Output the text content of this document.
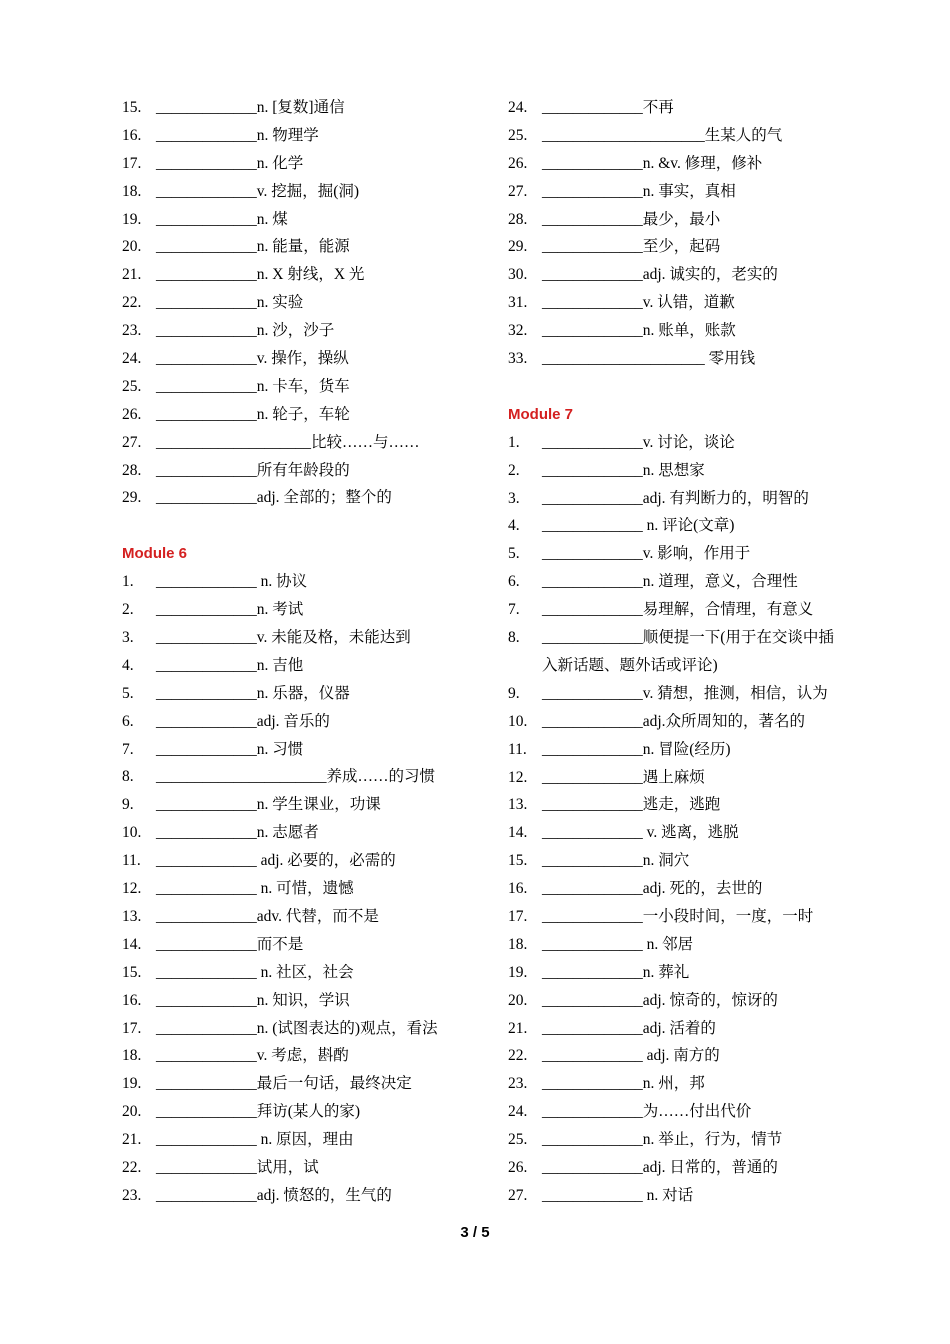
15. _____________n. [复数]通信
16. _____________n. 物理学
17. _____________n. 化学
18. _____________v. 挖掘，掘(洞)
19. _____________n. 煤
20. _____________n. 能量，能源
21. _____________n. X 射线，X 光
22. _____________n. 实验
23. _____________n. 沙，沙子
24. _____________v. 操作，操纵
25. _____________n. 卡车，货车
26. _____________n. 轮子，车轮
27. ____________________比较……与……
28. _____________所有年龄段的
29. _____________adj. 全部的；整个的
Module 6
1. _____________ n. 协议
2. _____________n. 考试
3. _____________v. 未能及格，未能达到
4. _____________n. 吉他
5. _____________n. 乐器，仪器
6. _____________adj. 音乐的
7. _____________n. 习惯
8. ______________________养成……的习惯
9. _____________n. 学生课业，功课
10. _____________n. 志愿者
11. _____________ adj. 必要的，必需的
12. _____________ n. 可惜，遗憾
13. _____________adv. 代替，而不是
14. _____________而不是
15. _____________ n. 社区，社会
16. _____________n. 知识，学识
17. _____________n. (试图表达的)观点，看法
18. _____________v. 考虑，斟酌
19. _____________最后一句话，最终决定
20. _____________拜访(某人的家)
21. _____________ n. 原因，理由
22. _____________试用，试
23. _____________adj. 愤怒的，生气的
24. _____________不再
25. _____________________生某人的气
26. _____________n. &v. 修理，修补
27. _____________n. 事实，真相
28. _____________最少，最小
29. _____________至少，起码
30. _____________adj. 诚实的，老实的
31. _____________v. 认错，道歉
32. _____________n. 账单，账款
33. _____________________ 零用钱
Module 7
1. _____________v. 讨论，谈论
2. _____________n. 思想家
3. _____________adj. 有判断力的，明智的
4. _____________ n. 评论(文章)
5. _____________v. 影响，作用于
6. _____________n. 道理，意义，合理性
7. _____________易理解，合情理，有意义
8.	_____________顺便提一下(用于在交谈中插
入新话题、题外话或评论)
9. _____________v. 猜想，推测，相信，认为
10. _____________adj.众所周知的，著名的
11. _____________n. 冒险(经历)
12. _____________遇上麻烦
13. _____________逃走，逃跑
14. _____________ v. 逃离，逃脱
15. _____________n. 洞穴
16. _____________adj. 死的，去世的
17. _____________一小段时间，一度，一时
18. _____________ n. 邻居
19. _____________n. 葬礼
20. _____________adj. 惊奇的，惊讶的
21. _____________adj. 活着的
22. _____________ adj. 南方的
23. _____________n. 州，邦
24. _____________为……付出代价
25. _____________n. 举止，行为，情节
26. _____________adj. 日常的，普通的
27. _____________ n. 对话
3 / 5
